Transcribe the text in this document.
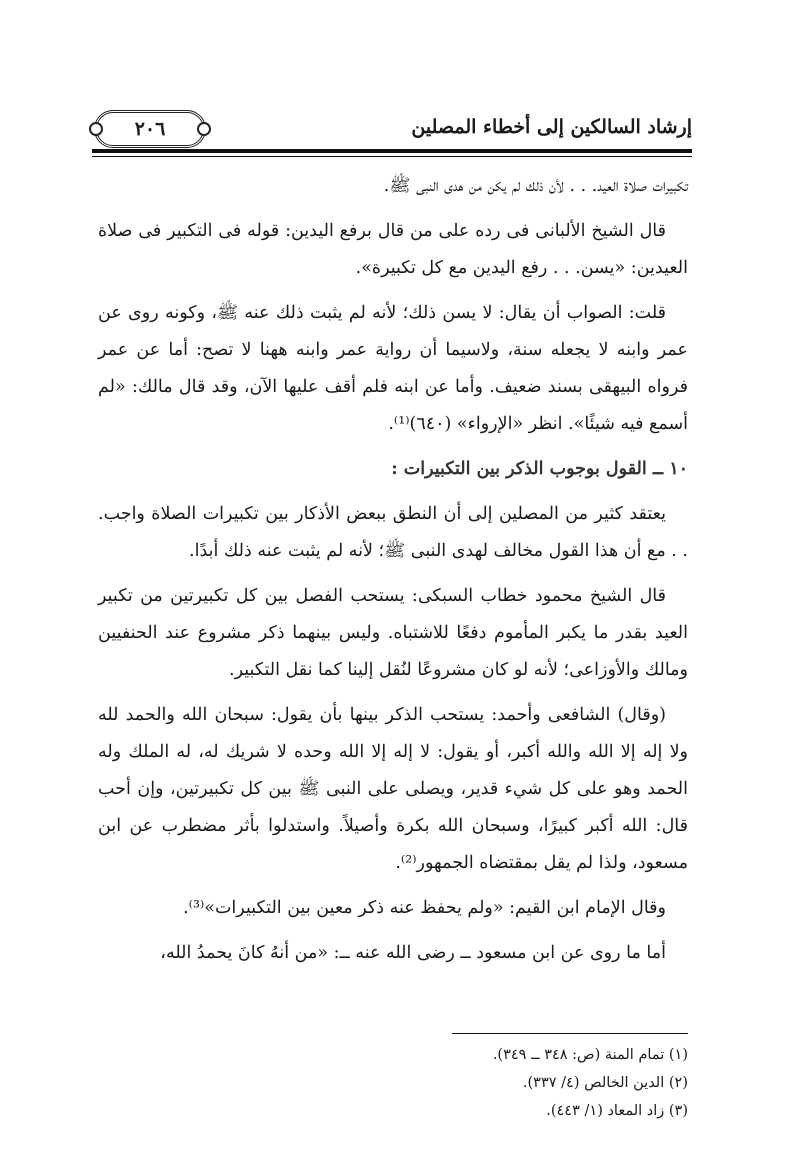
٢٠٦	إرشاد السالكين إلى أخطاء المصلين

تكبيرات صلاة العيد. . . لأن ذلك لم يكن من هدى النبى ﷺ.

قال الشيخ الألبانى فى رده على من قال برفع اليدين: قوله فى التكبير فى صلاة العيدين: «يسن. . . رفع اليدين مع كل تكبيرة».

قلت: الصواب أن يقال: لا يسن ذلك؛ لأنه لم يثبت ذلك عنه ﷺ، وكونه روى عن عمر وابنه لا يجعله سنة، ولاسيما أن رواية عمر وابنه ههنا لا تصح: أما عن عمر فرواه البيهقى بسند ضعيف. وأما عن ابنه فلم أقف عليها الآن، وقد قال مالك: «لم أسمع فيه شيئًا». انظر «الإرواء» (٦٤٠)⁽¹⁾.

١٠ ــ القول بوجوب الذكر بين التكبيرات :

يعتقد كثير من المصلين إلى أن النطق ببعض الأذكار بين تكبيرات الصلاة واجب. . . مع أن هذا القول مخالف لهدى النبى ﷺ؛ لأنه لم يثبت عنه ذلك أبدًا.

قال الشيخ محمود خطاب السبكى: يستحب الفصل بين كل تكبيرتين من تكبير العيد بقدر ما يكبر المأموم دفعًا للاشتباه. وليس بينهما ذكر مشروع عند الحنفيين ومالك والأوزاعى؛ لأنه لو كان مشروعًا لنُقل إلينا كما نقل التكبير.

(وقال) الشافعى وأحمد: يستحب الذكر بينها بأن يقول: سبحان الله والحمد لله ولا إله إلا الله والله أكبر، أو يقول: لا إله إلا الله وحده لا شريك له، له الملك وله الحمد وهو على كل شيء قدير، ويصلى على النبى ﷺ بين كل تكبيرتين، وإن أحب قال: الله أكبر كبيرًا، وسبحان الله بكرة وأصيلاً. واستدلوا بأثر مضطرب عن ابن مسعود، ولذا لم يقل بمقتضاه الجمهور⁽²⁾.

وقال الإمام ابن القيم: «ولم يحفظ عنه ذكر معين بين التكبيرات»⁽³⁾.

أما ما روى عن ابن مسعود ــ رضى الله عنه ــ: «من أنهُ كانَ يحمدُ الله،

(١) تمام المنة (ص: ٣٤٨ ــ ٣٤٩).
(٢) الدين الخالص (٤/ ٣٣٧).
(٣) زاد المعاد (١/ ٤٤٣).
